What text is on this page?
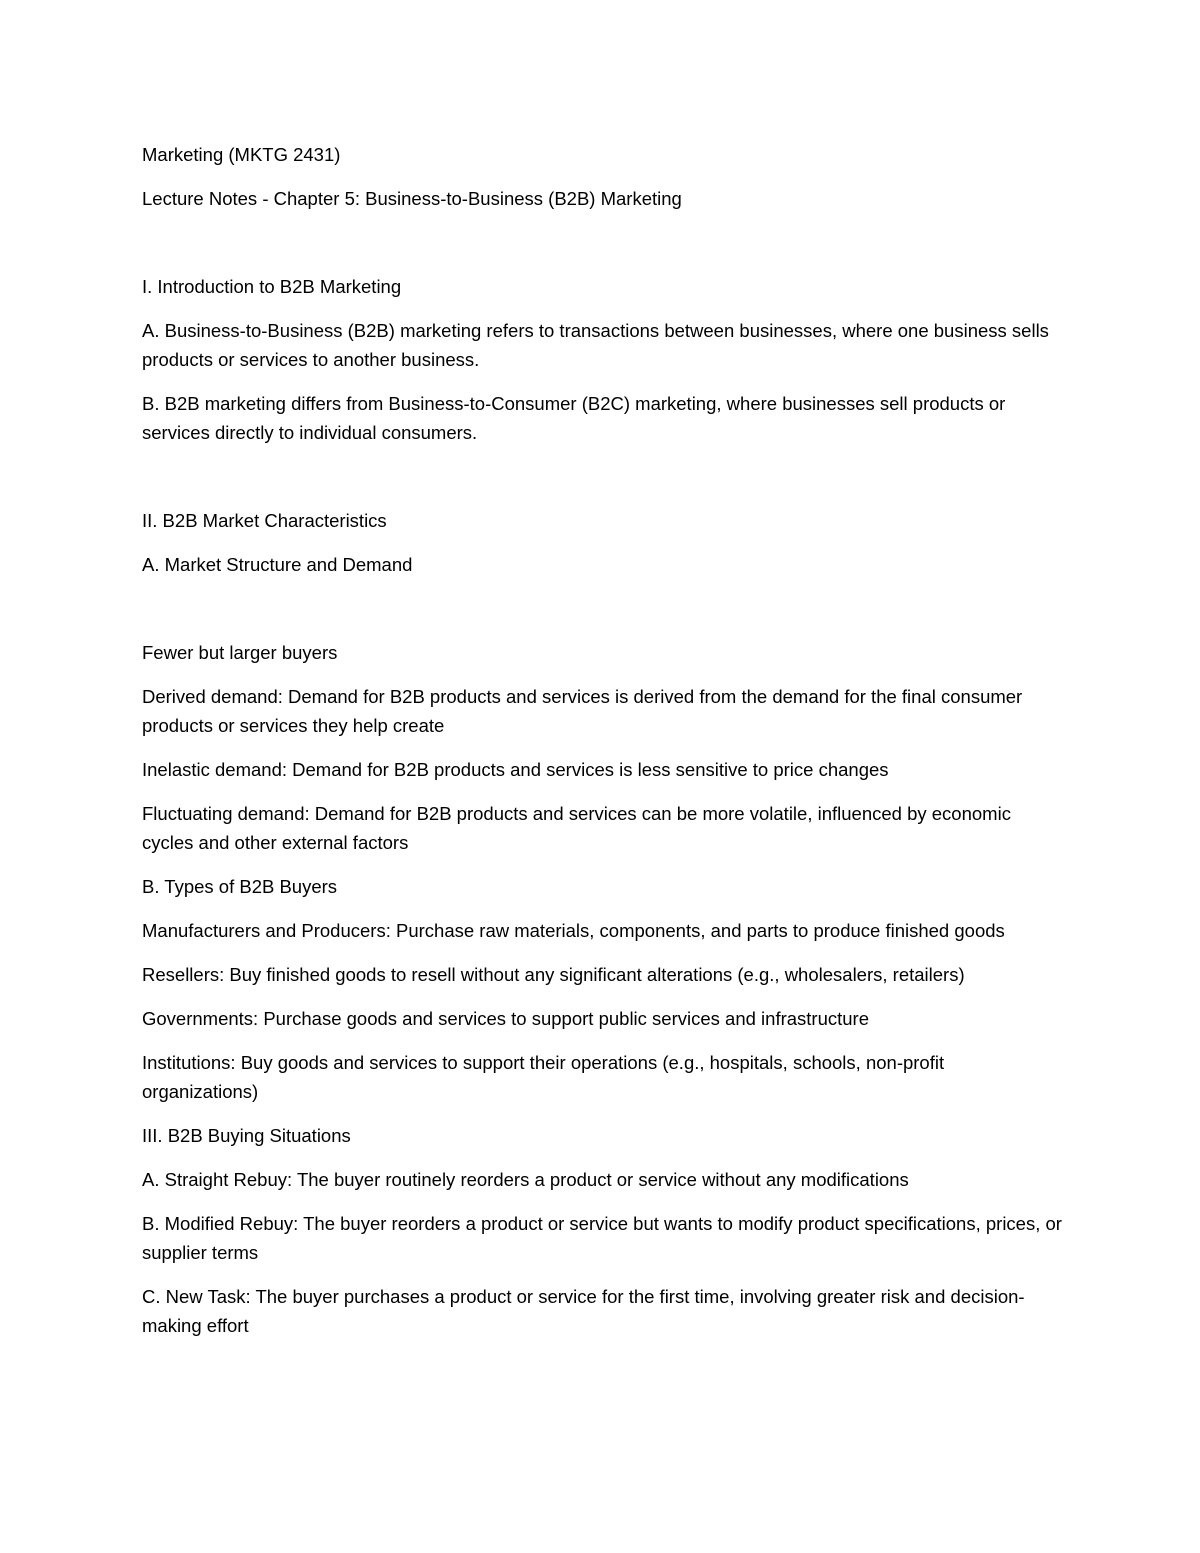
Marketing (MKTG 2431)

Lecture Notes - Chapter 5: Business-to-Business (B2B) Marketing

I. Introduction to B2B Marketing

A. Business-to-Business (B2B) marketing refers to transactions between businesses, where one business sells products or services to another business.

B. B2B marketing differs from Business-to-Consumer (B2C) marketing, where businesses sell products or services directly to individual consumers.

II. B2B Market Characteristics

A. Market Structure and Demand

Fewer but larger buyers

Derived demand: Demand for B2B products and services is derived from the demand for the final consumer products or services they help create

Inelastic demand: Demand for B2B products and services is less sensitive to price changes

Fluctuating demand: Demand for B2B products and services can be more volatile, influenced by economic cycles and other external factors

B. Types of B2B Buyers

Manufacturers and Producers: Purchase raw materials, components, and parts to produce finished goods

Resellers: Buy finished goods to resell without any significant alterations (e.g., wholesalers, retailers)

Governments: Purchase goods and services to support public services and infrastructure

Institutions: Buy goods and services to support their operations (e.g., hospitals, schools, non-profit organizations)

III. B2B Buying Situations

A. Straight Rebuy: The buyer routinely reorders a product or service without any modifications

B. Modified Rebuy: The buyer reorders a product or service but wants to modify product specifications, prices, or supplier terms

C. New Task: The buyer purchases a product or service for the first time, involving greater risk and decision-making effort
